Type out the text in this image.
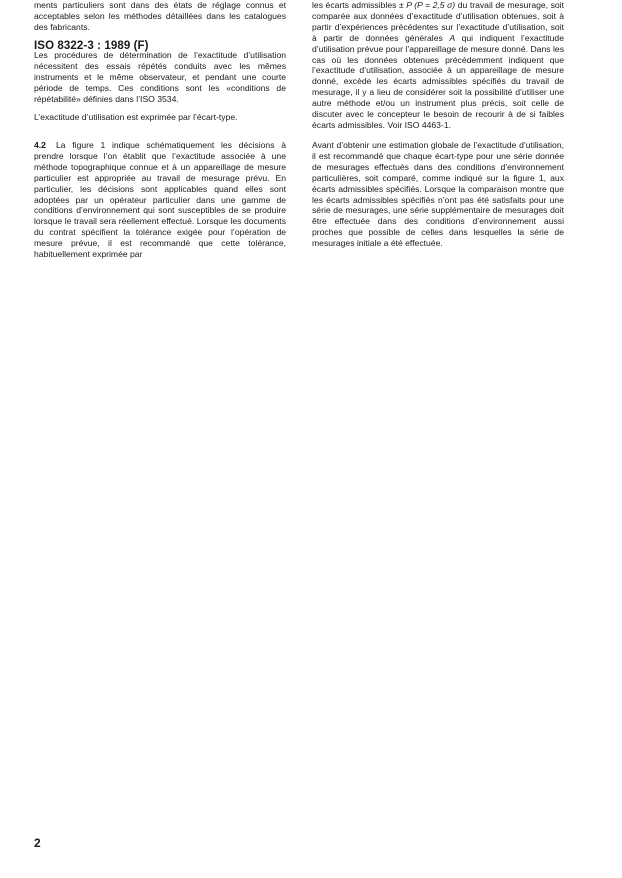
ISO 8322-3 : 1989 (F)

ments particuliers sont dans des états de réglage connus et acceptables selon les méthodes détaillées dans les catalogues des fabricants.

Les procédures de détermination de l’exactitude d’utilisation nécessitent des essais répétés conduits avec les mêmes instruments et le même observateur, et pendant une courte période de temps. Ces conditions sont les «conditions de répétabilité» définies dans l’ISO 3534.

L’exactitude d’utilisation est exprimée par l’écart-type.

4.2 La figure 1 indique schématiquement les décisions à prendre lorsque l’on établit que l’exactitude associée à une méthode topographique connue et à un appareillage de mesure particulier est appropriée au travail de mesurage prévu. En particulier, les décisions sont applicables quand elles sont adoptées par un opérateur particulier dans une gamme de conditions d’environnement qui sont susceptibles de se produire lorsque le travail sera réellement effectué. Lorsque les documents du contrat spécifient la tolérance exigée pour l’opération de mesure prévue, il est recommandé que cette tolérance, habituellement exprimée par

les écarts admissibles ± P (P = 2,5 σ) du travail de mesurage, soit comparée aux données d’exactitude d’utilisation obtenues, soit à partir d’expériences précédentes sur l’exactitude d’utilisation, soit à partir de données générales A qui indiquent l’exactitude d’utilisation prévue pour l’appareillage de mesure donné. Dans les cas où les données obtenues précédemment indiquent que l’exactitude d’utilisation, associée à un appareillage de mesure donné, excède les écarts admissibles spécifiés du travail de mesurage, il y a lieu de considérer soit la possibilité d’utiliser une autre méthode et/ou un instrument plus précis, soit celle de discuter avec le concepteur le besoin de recourir à de si faibles écarts admissibles. Voir ISO 4463-1.

Avant d’obtenir une estimation globale de l’exactitude d’utilisation, il est recommandé que chaque écart-type pour une série donnée de mesurages effectués dans des conditions d’environnement particulières, soit comparé, comme indiqué sur la figure 1, aux écarts admissibles spécifiés. Lorsque la comparaison montre que les écarts admissibles spécifiés n’ont pas été satisfaits pour une série de mesurages, une série supplémentaire de mesurages doit être effectuée dans des conditions d’environnement aussi proches que possible de celles dans lesquelles la série de mesurages initiale a été effectuée.

2
